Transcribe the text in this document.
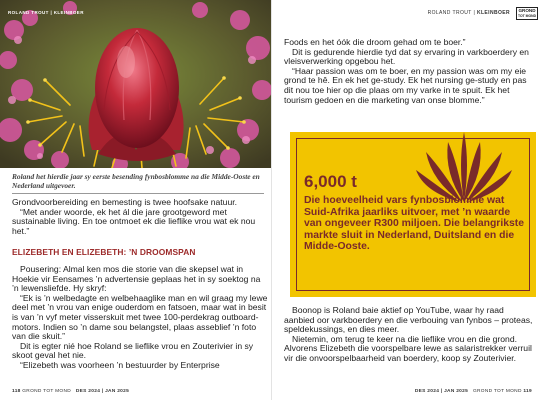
ROLAND TROUT | KLEINBOER
Roland het hierdie jaar sy eerste besending fynbosblomme na die Midde-Ooste en Nederland uitgevoer.

Grondvoorbereiding en bemesting is twee hoofsake natuur.

“Met ander woorde, ek het ál die jare grootgeword met sustainable living. En toe ontmoet ek die lieflike vrou wat ek nou het.”

ELIZEBETH EN ELIZEBETH: ’N DROOMSPAN

Pousering: Almal ken mos die storie van die skepsel wat in Hoekie vir Eensames ’n advertensie geplaas het in sy soektog na ’n lewensliefde. Hy skryf:

“Ek is ’n welbedagte en welbehaaglike man en wil graag my lewe deel met ’n vrou van enige ouderdom en fatsoen, maar wat in besit is van ’n vyf meter visserskuit met twee 100-perdekrag outboard-motors. Indien so ’n dame sou belangstel, plaas asseblief ’n foto van die skuit.”

Dit is egter nié hoe Roland se lieflike vrou en Zouterivier in sy skoot geval het nie.

“Elizebeth was voorheen ’n bestuurder by Enterprise

118 GROND TOT MOND DES 2024 | JAN 2025
ROLAND TROUT | KLEINBOER GROND
TOT MOND

Foods en het óók die droom gehad om te boer.”

Dit is gedurende hierdie tyd dat sy ervaring in varkboerdery en vleisverwerking opgebou het.

“Haar passion was om te boer, en my passion was om my eie grond te hê. En ek het ge-study. Ek het nursing ge-study en pas dit nou toe hier op die plaas om my varke in te spuit. Ek het tourism gedoen en die marketing van onse blomme.”

6,000 t
Die hoeveelheid vars fynbosblomme wat Suid-Afrika jaarliks uitvoer, met ’n waarde van ongeveer R300 miljoen. Die belangrikste markte sluit in Nederland, Duitsland en die Midde-Ooste.

Boonop is Roland baie aktief op YouTube, waar hy raad aanbied oor varkboerdery en die verbouing van fynbos – proteas, speldekussings, en dies meer.

Nietemin, om terug te keer na die lieflike vrou en die grond. Alvorens Elizebeth die voorspelbare lewe as salaristrekker verruil vir die onvoorspelbaarheid van boerdery, koop sy Zouterivier.

DES 2024 | JAN 2025 GROND TOT MOND 119
